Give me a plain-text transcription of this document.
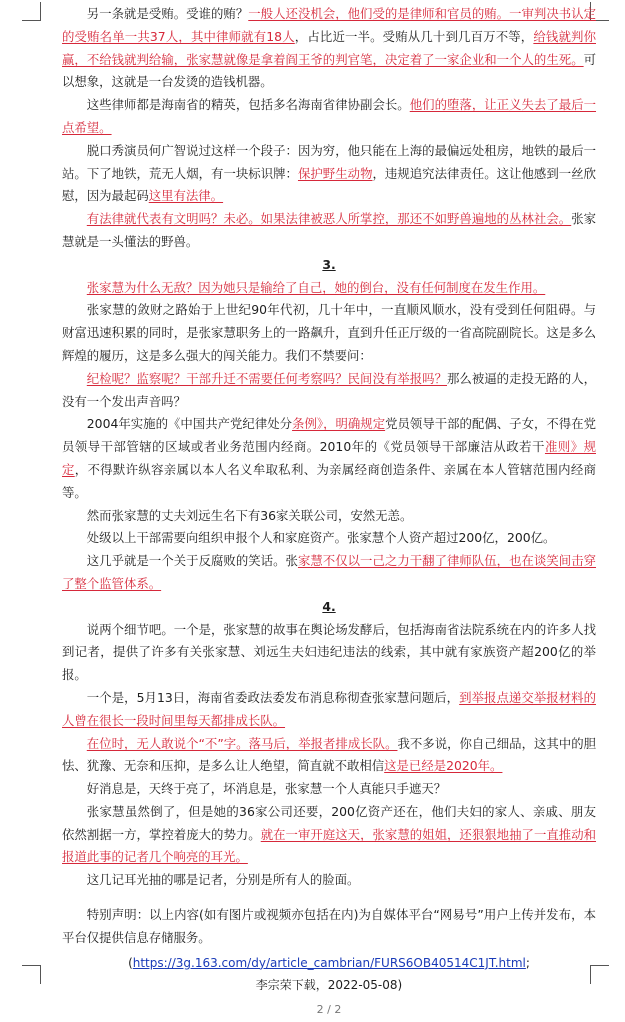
另一条就是受贿。受谁的贿？一般人还没机会，他们受的是律师和官员的贿。一审判决书认定的受贿名单一共37人，其中律师就有18人，占比近一半。受贿从几十到几百万不等，给钱就判你赢，不给钱就判给输，张家慧就像是拿着阎王爷的判官笔，决定着了一家企业和一个人的生死。可以想象，这就是一台发烫的造钱机器。

这些律师都是海南省的精英，包括多名海南省律协副会长。他们的堕落，让正义失去了最后一点希望。

脱口秀演员何广智说过这样一个段子：因为穷，他只能在上海的最偏远处租房，地铁的最后一站。下了地铁，荒无人烟，有一块标识牌：保护野生动物，违规追究法律责任。这让他感到一丝欣慰，因为最起码这里有法律。

有法律就代表有文明吗？未必。如果法律被恶人所掌控，那还不如野兽遍地的丛林社会。张家慧就是一头懂法的野兽。

3.

张家慧为什么无敌？因为她只是输给了自己，她的倒台，没有任何制度在发生作用。

张家慧的敛财之路始于上世纪90年代初，几十年中，一直顺风顺水，没有受到任何阻碍。与财富迅速积累的同时，是张家慧职务上的一路飙升，直到升任正厅级的一省高院副院长。这是多么辉煌的履历，这是多么强大的闯关能力。我们不禁要问：

纪检呢？监察呢？干部升迁不需要任何考察吗？民间没有举报吗？那么被逼的走投无路的人，没有一个发出声音吗？

2004年实施的《中国共产党纪律处分条例》，明确规定党员领导干部的配偶、子女，不得在党员领导干部管辖的区域或者业务范围内经商。2010年的《党员领导干部廉洁从政若干准则》规定，不得默许纵容亲属以本人名义牟取私利、为亲属经商创造条件、亲属在本人管辖范围内经商等。

然而张家慧的丈夫刘远生名下有36家关联公司，安然无恙。

处级以上干部需要向组织申报个人和家庭资产。张家慧个人资产超过200亿，200亿。

这几乎就是一个关于反腐败的笑话。张家慧不仅以一己之力干翻了律师队伍，也在谈笑间击穿了整个监管体系。

4.

说两个细节吧。一个是，张家慧的故事在舆论场发酵后，包括海南省法院系统在内的许多人找到记者，提供了许多有关张家慧、刘远生夫妇违纪违法的线索，其中就有家族资产超200亿的举报。

一个是，5月13日，海南省委政法委发布消息称彻查张家慧问题后，到举报点递交举报材料的人曾在很长一段时间里每天都排成长队。

在位时，无人敢说个“不”字。落马后，举报者排成长队。我不多说，你自己细品，这其中的胆怯、犹豫、无奈和压抑，是多么让人绝望，简直就不敢相信这是已经是2020年。

好消息是，天终于亮了，坏消息是，张家慧一个人真能只手遮天？

张家慧虽然倒了，但是她的36家公司还要，200亿资产还在，他们夫妇的家人、亲戚、朋友依然割据一方，掌控着庞大的势力。就在一审开庭这天，张家慧的姐姐，还狠狠地抽了一直推动和报道此事的记者几个响亮的耳光。

这几记耳光抽的哪是记者，分别是所有人的脸面。

特别声明：以上内容(如有图片或视频亦包括在内)为自媒体平台“网易号”用户上传并发布，本平台仅提供信息存储服务。

(https://3g.163.com/dy/article_cambrian/FURS6OB40514C1JT.html;

李宗荣下载，2022-05-08)

2 / 2
